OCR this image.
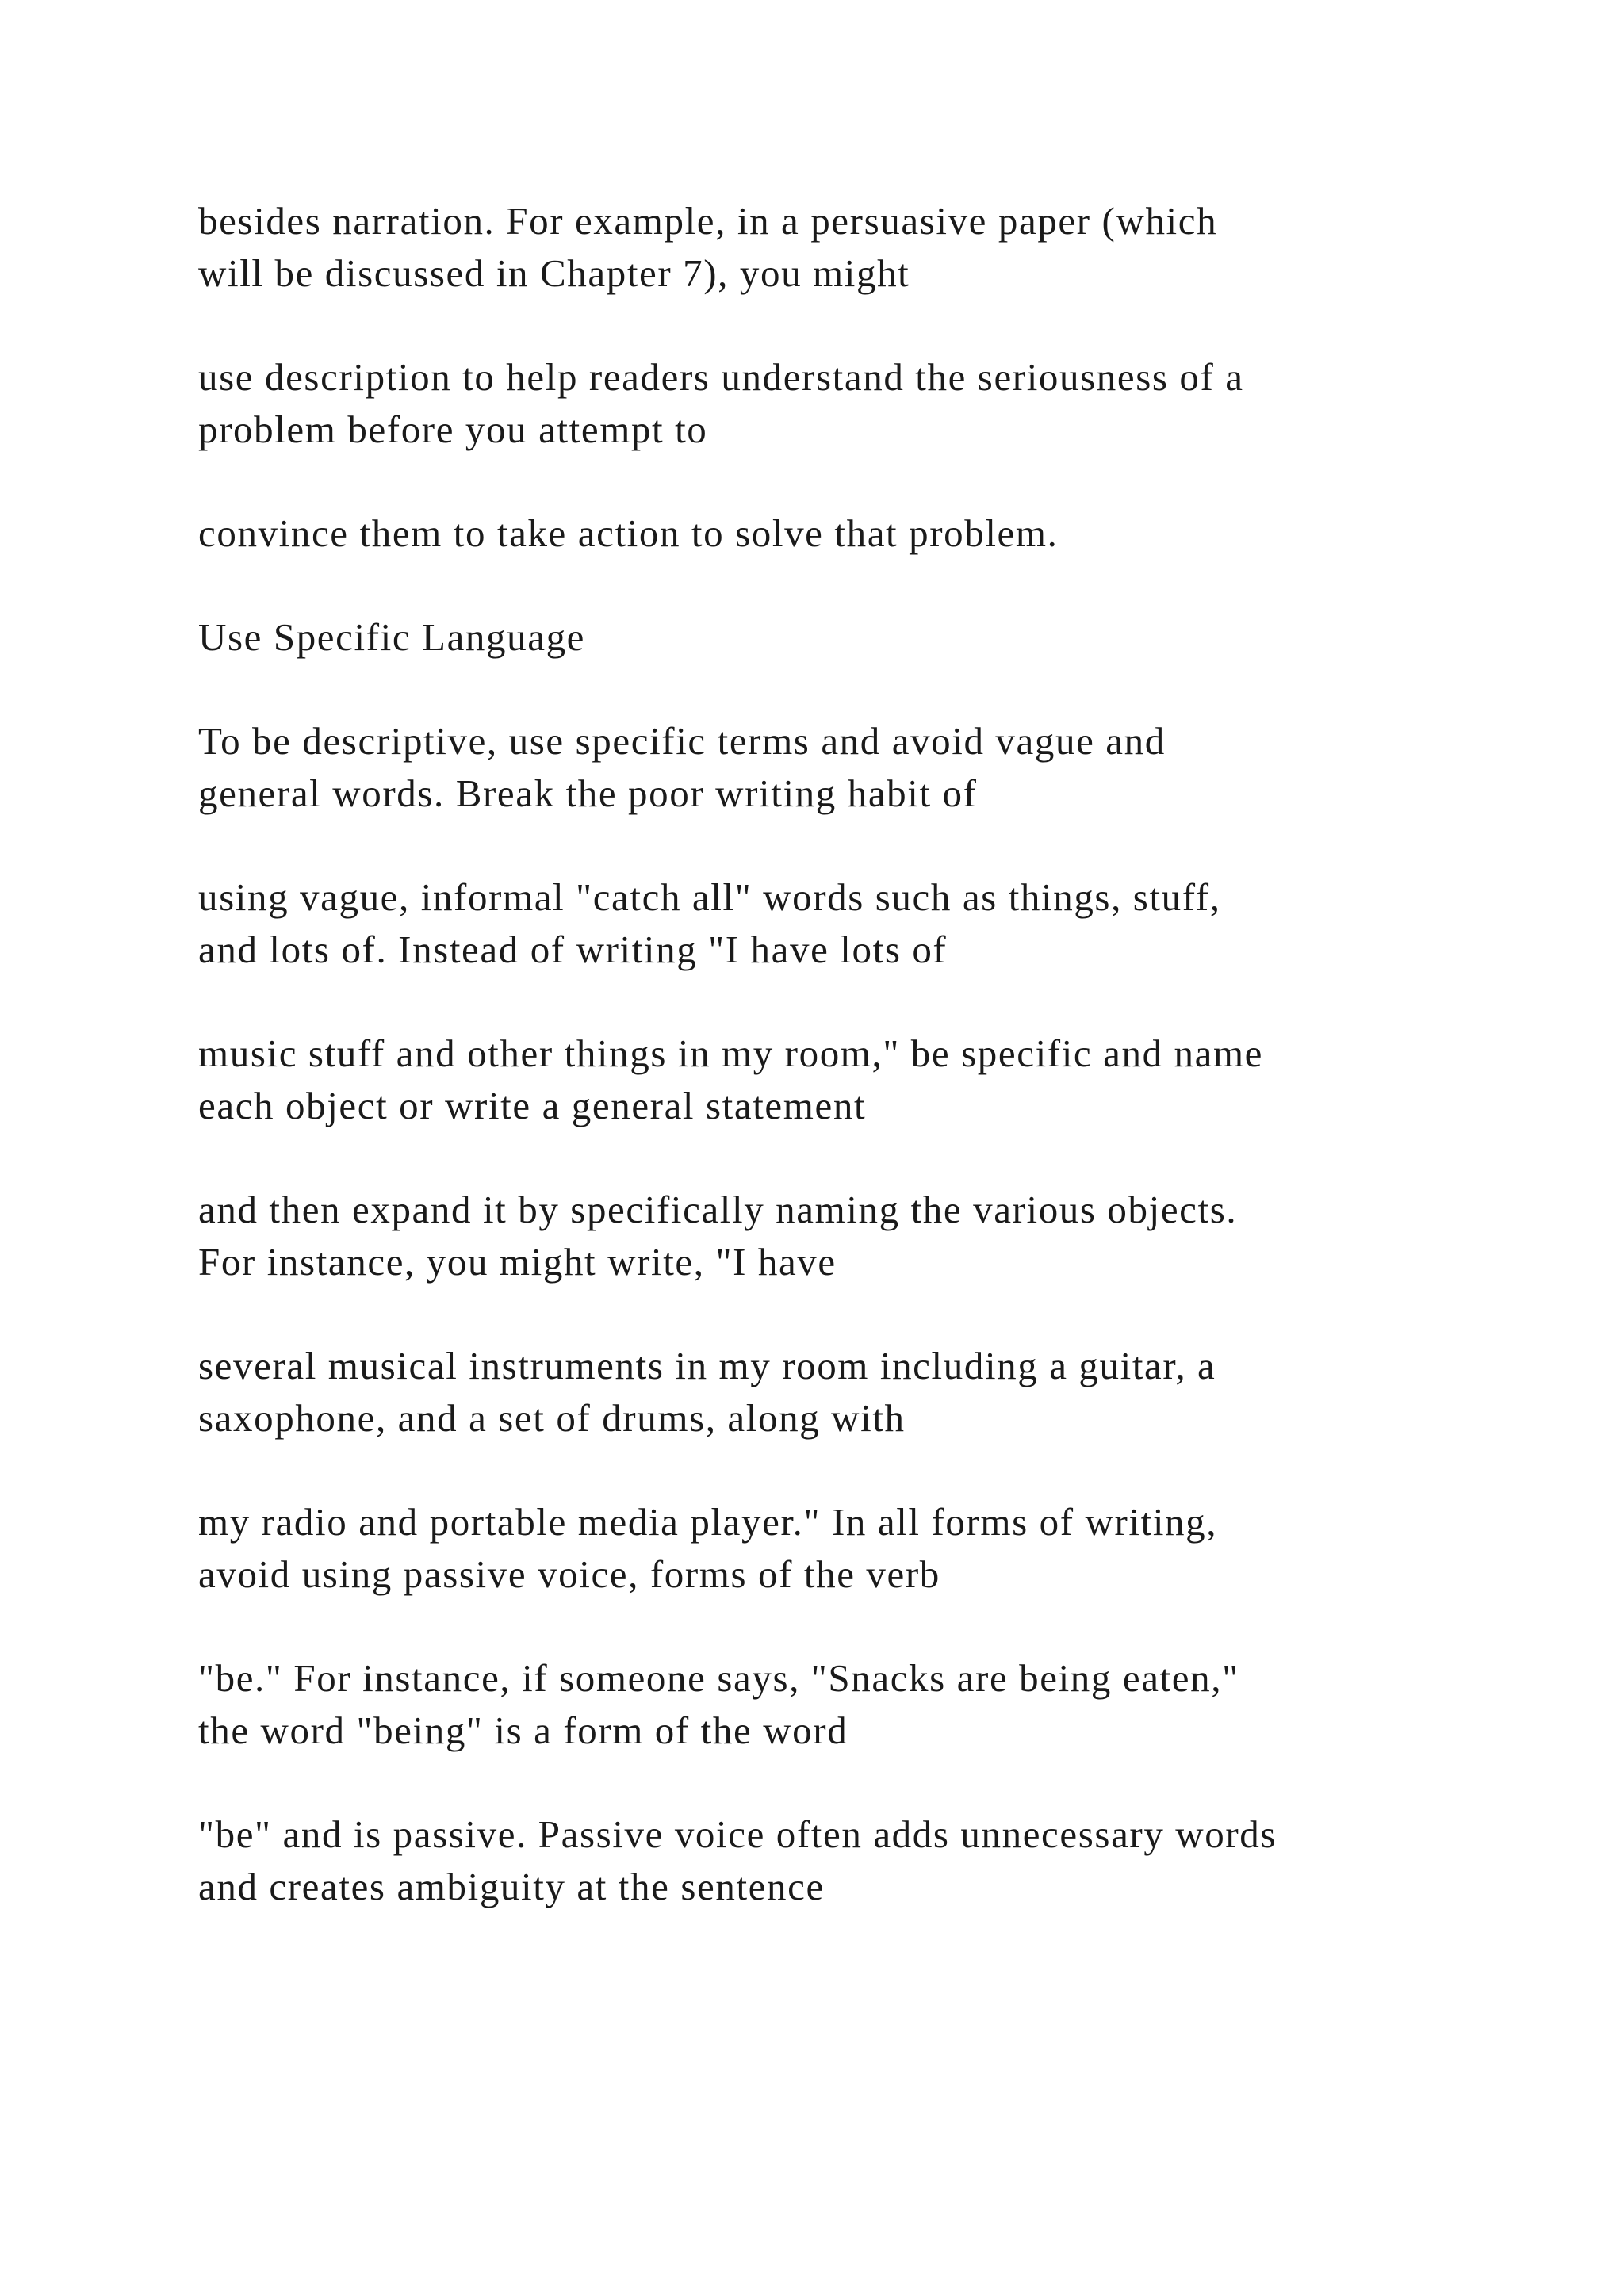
besides narration. For example, in a persuasive paper (which
will be discussed in Chapter 7), you might

use description to help readers understand the seriousness of a
problem before you attempt to

convince them to take action to solve that problem.

Use Specific Language

To be descriptive, use specific terms and avoid vague and
general words. Break the poor writing habit of

using vague, informal "catch all" words such as things, stuff,
and lots of. Instead of writing "I have lots of

music stuff and other things in my room," be specific and name
each object or write a general statement

and then expand it by specifically naming the various objects.
For instance, you might write, "I have

several musical instruments in my room including a guitar, a
saxophone, and a set of drums, along with

my radio and portable media player." In all forms of writing,
avoid using passive voice, forms of the verb

"be." For instance, if someone says, "Snacks are being eaten,"
the word "being" is a form of the word

"be" and is passive. Passive voice often adds unnecessary words
and creates ambiguity at the sentence
